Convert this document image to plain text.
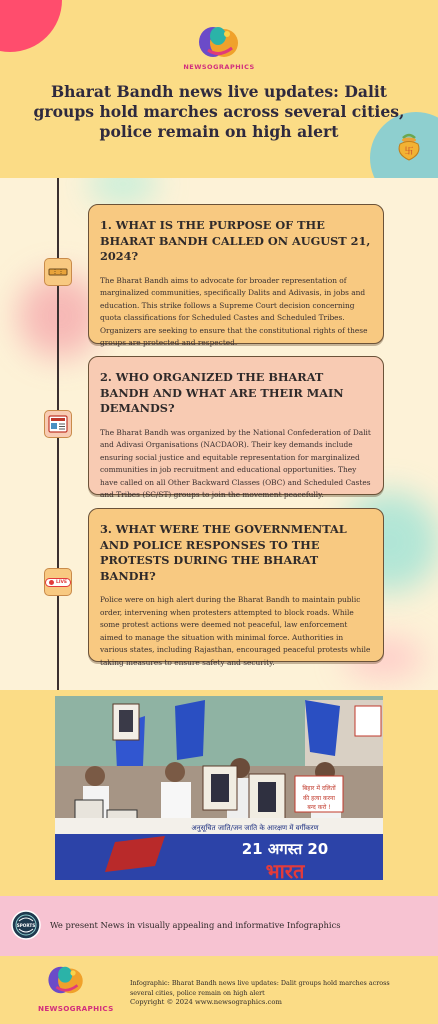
卐
NEWSOGRAPHICS
Bharat Bandh news live updates: Dalit groups hold marches across several cities, police remain on high alert
LIVE
1. WHAT IS THE PURPOSE OF THE BHARAT BANDH CALLED ON AUGUST 21, 2024?

The Bharat Bandh aims to advocate for broader representation of marginalized communities, specifically Dalits and Adivasis, in jobs and education. This strike follows a Supreme Court decision concerning quota classifications for Scheduled Castes and Scheduled Tribes. Organizers are seeking to ensure that the constitutional rights of these groups are protected and respected.

2. WHO ORGANIZED THE BHARAT BANDH AND WHAT ARE THEIR MAIN DEMANDS?

The Bharat Bandh was organized by the National Confederation of Dalit and Adivasi Organisations (NACDAOR). Their key demands include ensuring social justice and equitable representation for marginalized communities in job recruitment and educational opportunities. They have called on all Other Backward Classes (OBC) and Scheduled Castes and Tribes (SC/ST) groups to join the movement peacefully.

3. WHAT WERE THE GOVERNMENTAL AND POLICE RESPONSES TO THE PROTESTS DURING THE BHARAT BANDH?

Police were on high alert during the Bharat Bandh to maintain public order, intervening when protesters attempted to block roads. While some protest actions were deemed not peaceful, law enforcement aimed to manage the situation with minimal force. Authorities in various states, including Rajasthan, encouraged peaceful protests while taking measures to ensure safety and security.

बिहार में दलितों
की हत्या करना
बन्द करो !
अनुसूचित जाति/जन जाति के आरक्षण में वर्गीकरण
21 अगस्त 20
भारत
SPORTS We present News in visually appealing and informative Infographics
NEWSOGRAPHICS
Infographic: Bharat Bandh news live updates: Dalit groups hold marches across several cities, police remain on high alert
Copyright © 2024 www.newsographics.com
